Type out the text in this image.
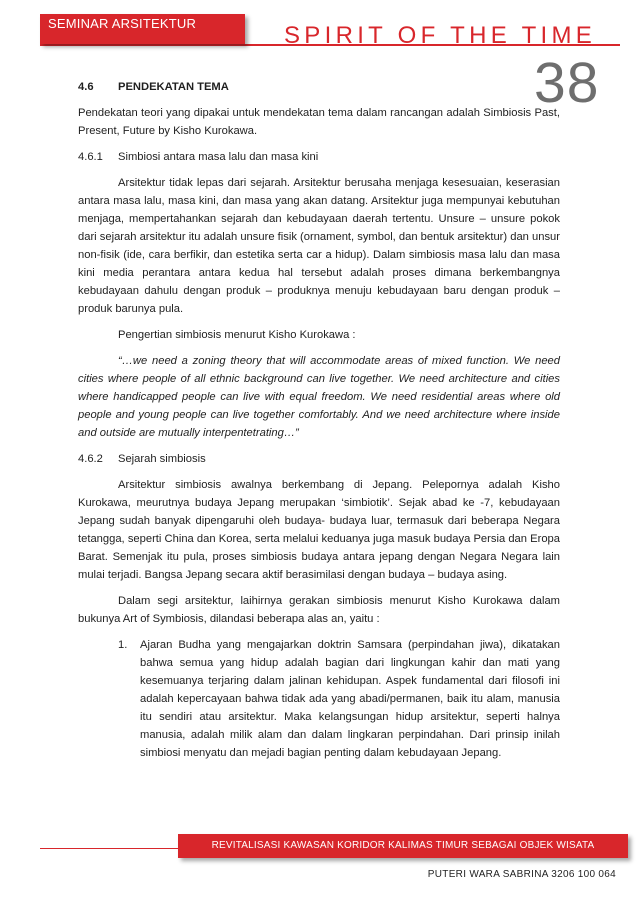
SEMINAR ARSITEKTUR	SPIRIT OF THE TIME
38
4.6	PENDEKATAN TEMA

Pendekatan teori yang dipakai untuk mendekatan tema dalam rancangan adalah Simbiosis Past, Present, Future by Kisho Kurokawa.

4.6.1	Simbiosi antara masa lalu dan masa kini

Arsitektur tidak lepas dari sejarah. Arsitektur berusaha menjaga kesesuaian, keserasian antara masa lalu, masa kini, dan masa yang akan datang. Arsitektur juga mempunyai kebutuhan menjaga, mempertahankan sejarah dan kebudayaan daerah tertentu. Unsure – unsure pokok dari sejarah arsitektur itu adalah unsure fisik (ornament, symbol, dan bentuk arsitektur) dan unsur non-fisik (ide, cara berfikir, dan estetika serta car a hidup). Dalam simbiosis masa lalu dan masa kini media perantara antara kedua hal tersebut adalah proses dimana berkembangnya kebudayaan dahulu dengan produk – produknya menuju kebudayaan baru dengan produk – produk barunya pula.

Pengertian simbiosis menurut Kisho Kurokawa :

“…we need a zoning theory that will accommodate areas of mixed function. We need cities where people of all ethnic background can live together. We need architecture and cities where handicapped people can live with equal freedom. We need residential areas where old people and young people can live together comfortably. And we need architecture where inside and outside are mutually interpentetrating…”

4.6.2	Sejarah simbiosis

Arsitektur simbiosis awalnya berkembang di Jepang. Pelepornya adalah Kisho Kurokawa, meurutnya budaya Jepang merupakan ‘simbiotik’. Sejak abad ke -7, kebudayaan Jepang sudah banyak dipengaruhi oleh budaya- budaya luar, termasuk dari beberapa Negara tetangga, seperti China dan Korea, serta melalui keduanya juga masuk budaya Persia dan Eropa Barat. Semenjak itu pula, proses simbiosis budaya antara jepang dengan Negara Negara lain mulai terjadi. Bangsa Jepang secara aktif berasimilasi dengan budaya – budaya asing.

Dalam segi arsitektur, laihirnya gerakan simbiosis menurut Kisho Kurokawa dalam bukunya Art of Symbiosis, dilandasi beberapa alas an, yaitu :

1.	Ajaran Budha yang mengajarkan doktrin Samsara (perpindahan jiwa), dikatakan bahwa semua yang hidup adalah bagian dari lingkungan kahir dan mati yang kesemuanya terjaring dalam jalinan kehidupan. Aspek fundamental dari filosofi ini adalah kepercayaan bahwa tidak ada yang abadi/permanen, baik itu alam, manusia itu sendiri atau arsitektur. Maka kelangsungan hidup arsitektur, seperti halnya manusia, adalah milik alam dan dalam lingkaran perpindahan. Dari prinsip inilah simbiosi menyatu dan mejadi bagian penting dalam kebudayaan Jepang.
REVITALISASI KAWASAN KORIDOR KALIMAS TIMUR SEBAGAI OBJEK WISATA
PUTERI WARA SABRINA 3206 100 064
